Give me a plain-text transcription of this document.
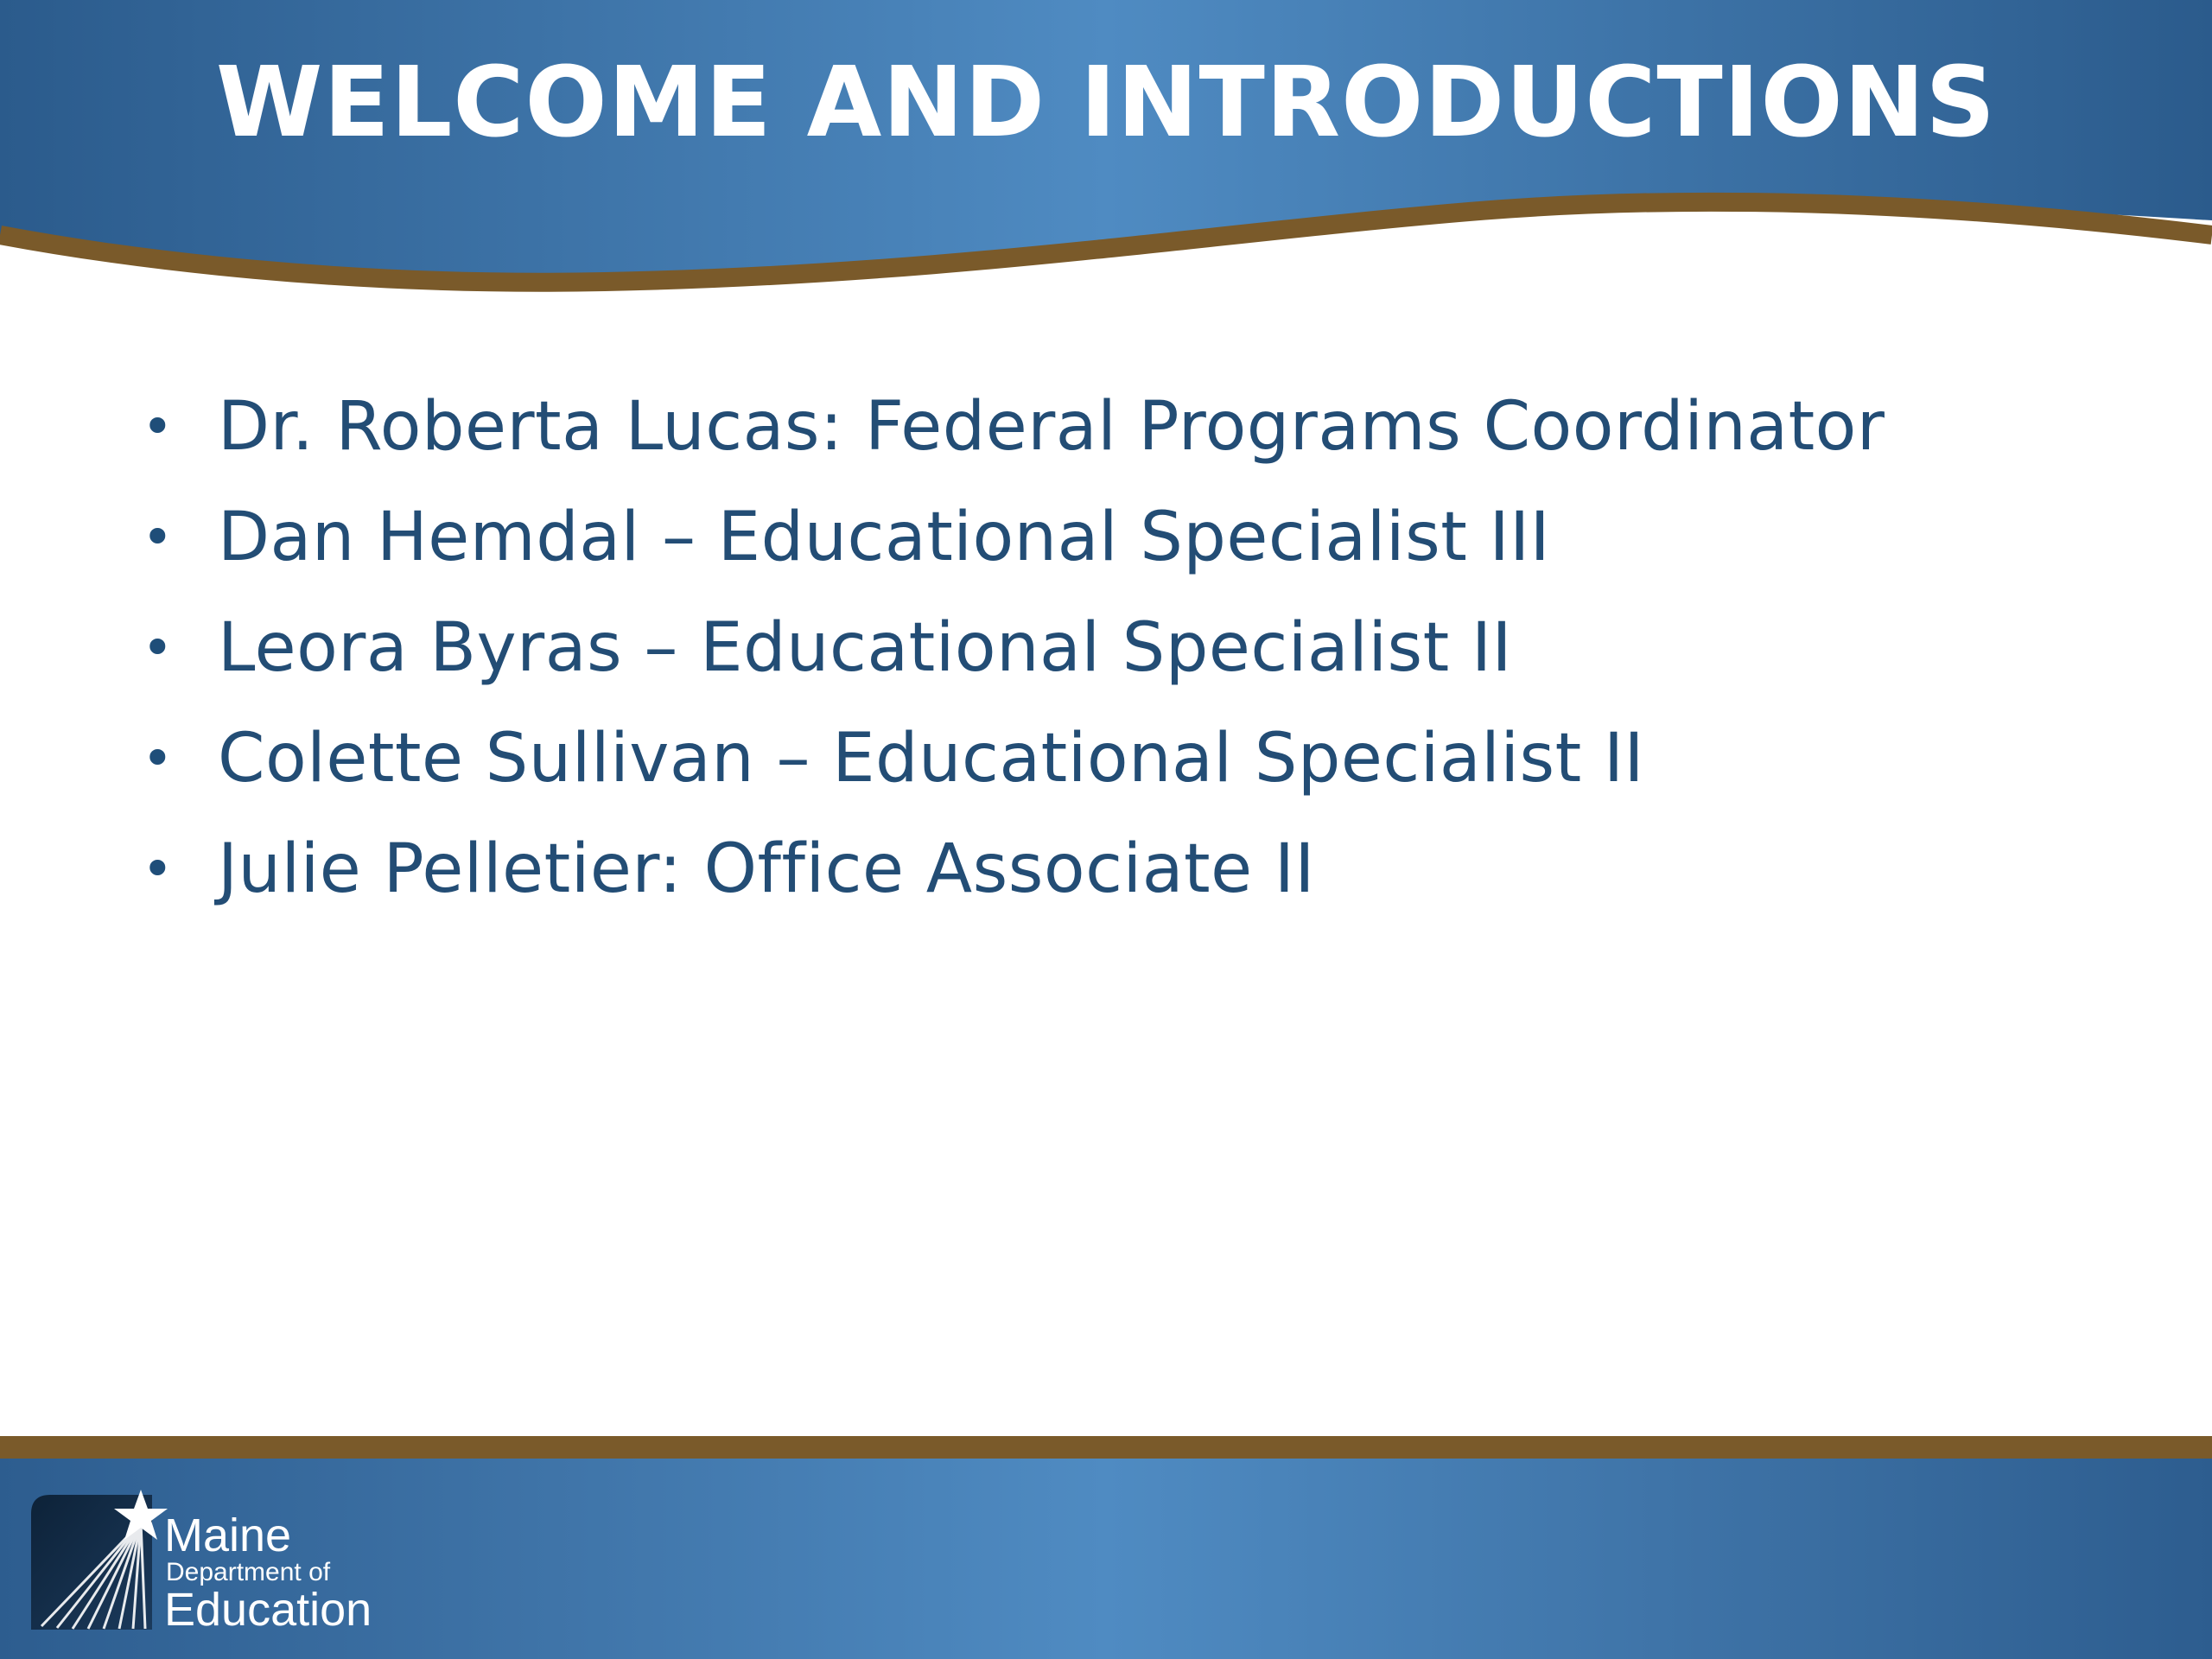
WELCOME AND INTRODUCTIONS
• Dr. Roberta Lucas: Federal Programs Coordinator
• Dan Hemdal – Educational Specialist III
• Leora Byras – Educational Specialist II
• Colette Sullivan – Educational Specialist II
• Julie Pelletier: Office Associate II
Maine
Department of
Education
